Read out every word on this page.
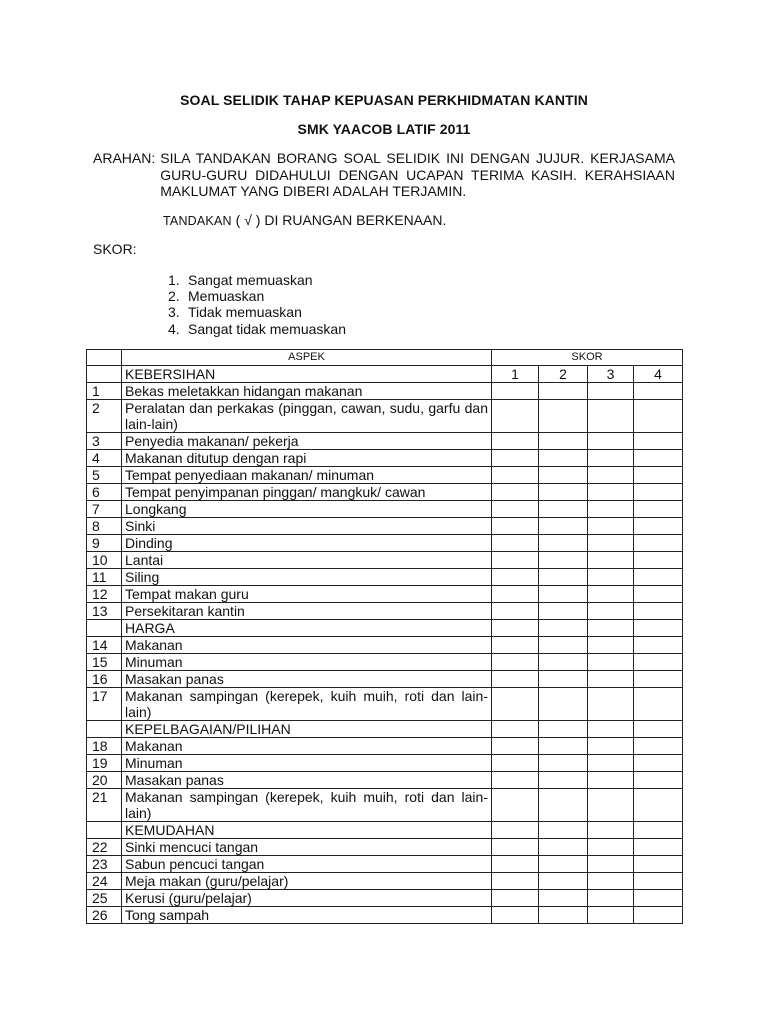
SOAL SELIDIK TAHAP KEPUASAN PERKHIDMATAN KANTIN
SMK YAACOB LATIF 2011
ARAHAN: SILA TANDAKAN BORANG SOAL SELIDIK INI DENGAN JUJUR. KERJASAMA GURU-GURU DIDAHULUI DENGAN UCAPAN TERIMA KASIH. KERAHSIAAN MAKLUMAT YANG DIBERI ADALAH TERJAMIN.
TANDAKAN ( √ ) DI RUANGAN BERKENAAN.
SKOR:
1. Sangat memuaskan
2. Memuaskan
3. Tidak memuaskan
4. Sangat tidak memuaskan
	ASPEK	SKOR			
	KEBERSIHAN	1	2	3	4
1	Bekas meletakkan hidangan makanan				
2	Peralatan dan perkakas (pinggan, cawan, sudu, garfu dan lain-lain)				
3	Penyedia makanan/ pekerja				
4	Makanan ditutup dengan rapi				
5	Tempat penyediaan makanan/ minuman				
6	Tempat penyimpanan pinggan/ mangkuk/ cawan				
7	Longkang				
8	Sinki				
9	Dinding				
10	Lantai				
11	Siling				
12	Tempat makan guru				
13	Persekitaran kantin				
	HARGA				
14	Makanan				
15	Minuman				
16	Masakan panas				
17	Makanan sampingan (kerepek, kuih muih, roti dan lain-lain)				
	KEPELBAGAIAN/PILIHAN				
18	Makanan				
19	Minuman				
20	Masakan panas				
21	Makanan sampingan (kerepek, kuih muih, roti dan lain-lain)				
	KEMUDAHAN				
22	Sinki mencuci tangan				
23	Sabun pencuci tangan				
24	Meja makan (guru/pelajar)				
25	Kerusi (guru/pelajar)				
26	Tong sampah				
